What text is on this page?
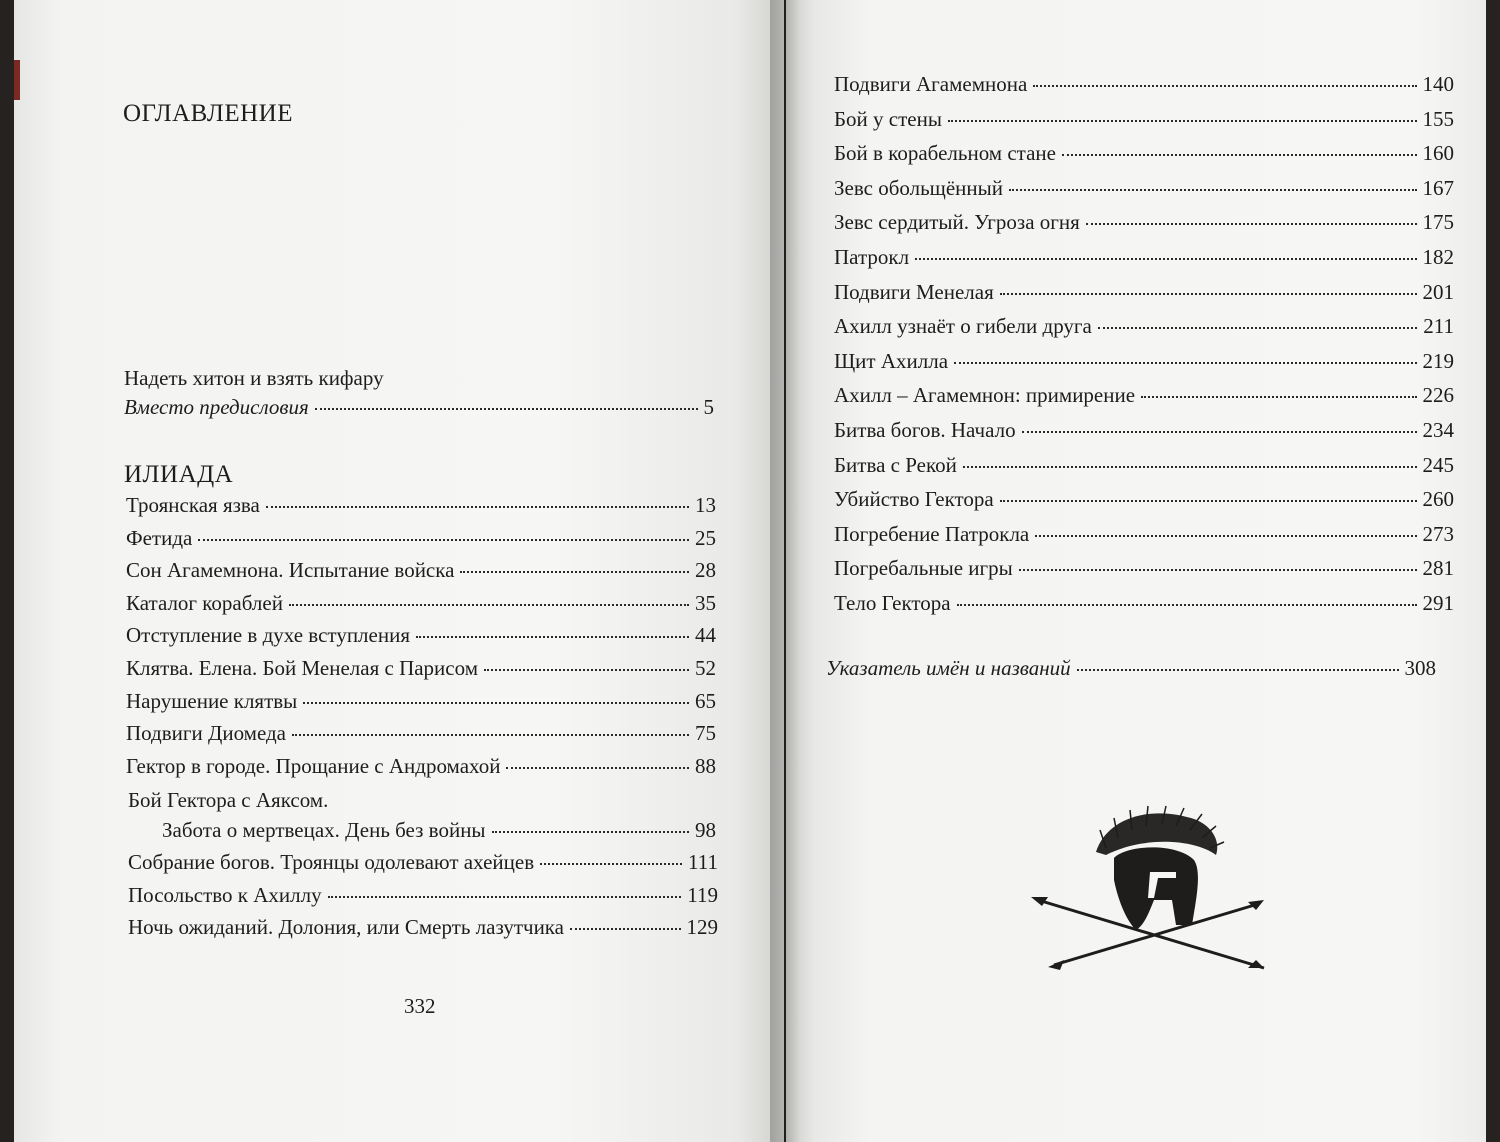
ОГЛАВЛЕНИЕ
Надеть хитон и взять кифару
Вместо предисловия	5
ИЛИАДА
Троянская язва	13
Фетида	25
Сон Агамемнона. Испытание войска	28
Каталог кораблей	35
Отступление в духе вступления	44
Клятва. Елена. Бой Менелая с Парисом	52
Нарушение клятвы	65
Подвиги Диомеда	75
Гектор в городе. Прощание с Андромахой	88
Бой Гектора с Аяксом.
Забота о мертвецах. День без войны	98
Собрание богов. Троянцы одолевают ахейцев	111
Посольство к Ахиллу	119
Ночь ожиданий. Долония, или Смерть лазутчика	129
332
Подвиги Агамемнона	140
Бой у стены	155
Бой в корабельном стане	160
Зевс обольщённый	167
Зевс сердитый. Угроза огня	175
Патрокл	182
Подвиги Менелая	201
Ахилл узнаёт о гибели друга	211
Щит Ахилла	219
Ахилл – Агамемнон: примирение	226
Битва богов. Начало	234
Битва с Рекой	245
Убийство Гектора	260
Погребение Патрокла	273
Погребальные игры	281
Тело Гектора	291
Указатель имён и названий	308
